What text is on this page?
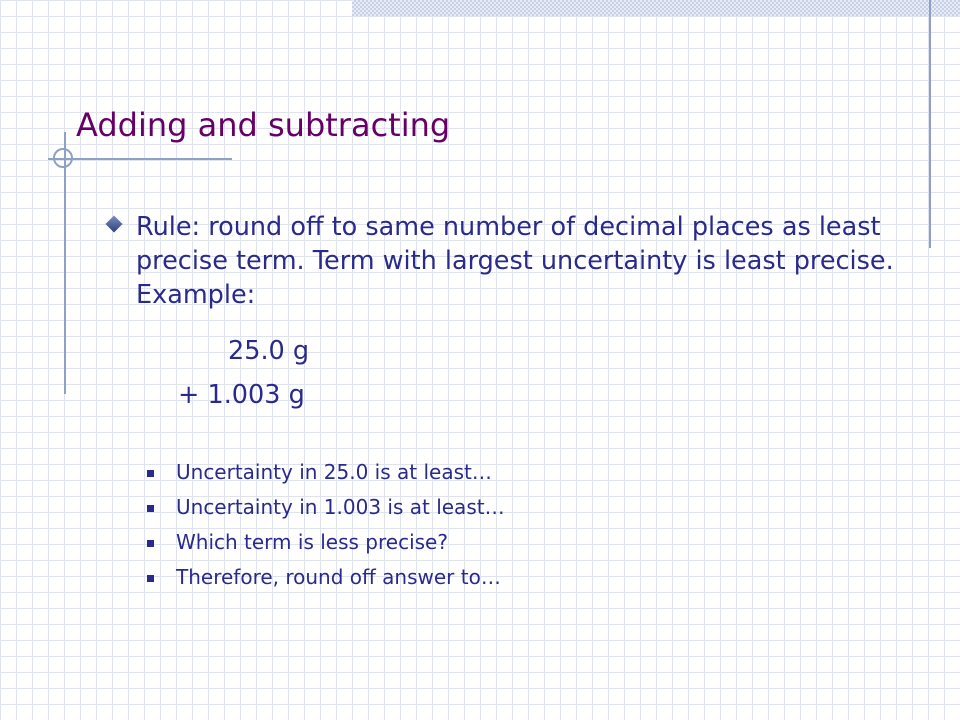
Adding and subtracting

Rule: round off to same number of decimal places as least precise term. Term with largest uncertainty is least precise. Example:

25.0 g

+ 1.003 g

Uncertainty in 25.0 is at least…
Uncertainty in 1.003 is at least…
Which term is less precise?
Therefore, round off answer to…
